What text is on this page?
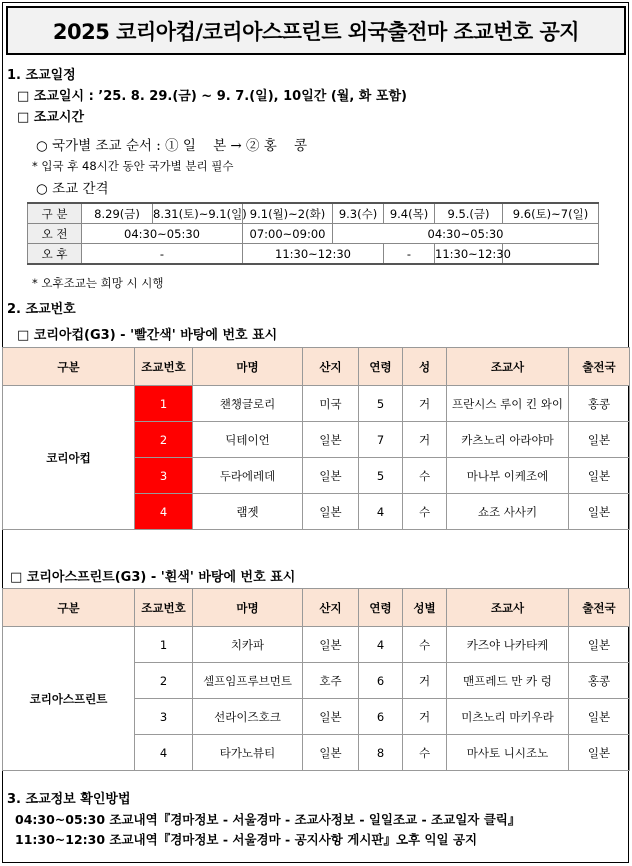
2025 코리아컵/코리아스프린트 외국출전마 조교번호 공지
1. 조교일정
□ 조교일시 : ’25. 8. 29.(금) ~ 9. 7.(일), 10일간 (월, 화 포함)
□ 조교시간
○ 국가별 조교 순서 : ① 일    본 → ② 홍    콩
* 입국 후 48시간 동안 국가별 분리 필수
○ 조교 간격
구 분	8.29(금)	8.31(토)~9.1(일)	9.1(월)~2(화)	9.3(수)	9.4(목)	9.5.(금)	9.6(토)~7(일)
오 전	04:30~05:30		07:00~09:00	04:30~05:30			
오 후	-		11:30~12:30		-	11:30~12:30	
* 오후조교는 희망 시 시행
2. 조교번호
□ 코리아컵(G3) - '빨간색' 바탕에 번호 표시
구분	조교번호	마명	산지	연령	성	조교사	출전국
코리아컵	1	챈챙글로리	미국	5	거	프란시스 루이 킨 와이	홍콩
	2	딕테이언	일본	7	거	카츠노리 아라야마	일본
	3	두라에레데	일본	5	수	마나부 이케조에	일본
	4	램젯	일본	4	수	쇼조 사사키	일본
□ 코리아스프린트(G3) - '흰색' 바탕에 번호 표시
구분	조교번호	마명	산지	연령	성별	조교사	출전국
코리아스프린트	1	치카파	일본	4	수	카즈야 나카타케	일본
	2	셀프임프루브먼트	호주	6	거	맨프레드 만 카 렁	홍콩
	3	선라이즈호크	일본	6	거	미츠노리 마키우라	일본
	4	타가노뷰티	일본	8	수	마사토 니시조노	일본
3. 조교정보 확인방법
04:30~05:30 조교내역『경마정보 - 서울경마 - 조교사정보 - 일일조교 - 조교일자 클릭』
11:30~12:30 조교내역『경마정보 - 서울경마 - 공지사항 게시판』오후 익일 공지
